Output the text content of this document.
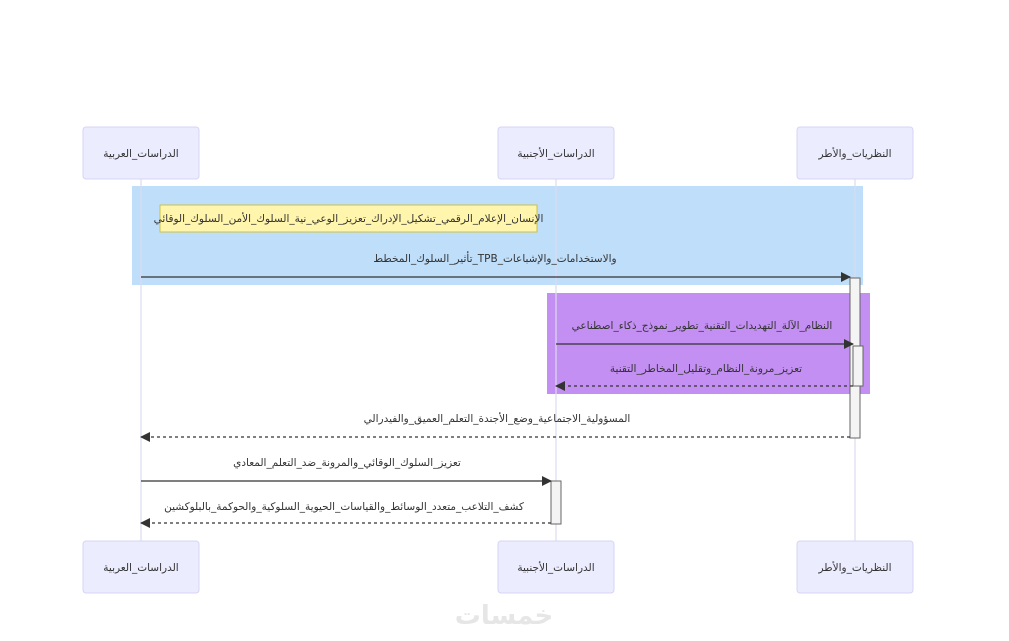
الإنسان_الإعلام_الرقمي_تشكيل_الإدراك_تعزيز_الوعي_نية_السلوك_الأمن_السلوك_الوقائي
والاستخدامات_والإشباعات_TPB_تأثير_السلوك_المخطط
النظام_الآلة_التهديدات_التقنية_تطوير_نموذج_ذكاء_اصطناعي
تعزيز_مرونة_النظام_وتقليل_المخاطر_التقنية
المسؤولية_الاجتماعية_وضع_الأجندة_التعلم_العميق_والفيدرالي
تعزيز_السلوك_الوقائي_والمرونة_ضد_التعلم_المعادي
كشف_التلاعب_متعدد_الوسائط_والقياسات_الحيوية_السلوكية_والحوكمة_بالبلوكشين
الدراسات_العربية	الدراسات_الأجنبية	النظريات_والأطر
الدراسات_العربية	الدراسات_الأجنبية	النظريات_والأطر
خمسات
